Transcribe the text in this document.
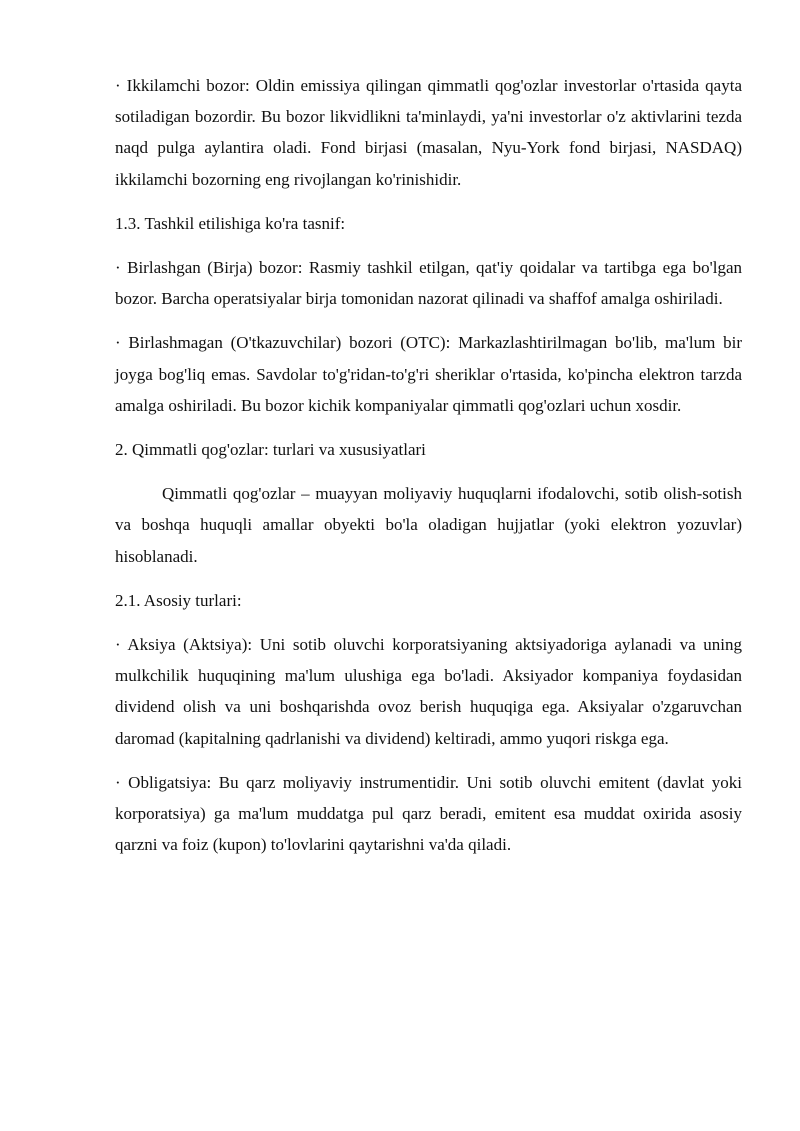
· Ikkilamchi bozor: Oldin emissiya qilingan qimmatli qog'ozlar investorlar o'rtasida qayta sotiladigan bozordir. Bu bozor likvidlikni ta'minlaydi, ya'ni investorlar o'z aktivlarini tezda naqd pulga aylantira oladi. Fond birjasi (masalan, Nyu-York fond birjasi, NASDAQ) ikkilamchi bozorning eng rivojlangan ko'rinishidir.

1.3. Tashkil etilishiga ko'ra tasnif:

· Birlashgan (Birja) bozor: Rasmiy tashkil etilgan, qat'iy qoidalar va tartibga ega bo'lgan bozor. Barcha operatsiyalar birja tomonidan nazorat qilinadi va shaffof amalga oshiriladi.

· Birlashmagan (O'tkazuvchilar) bozori (OTC): Markazlashtirilmagan bo'lib, ma'lum bir joyga bog'liq emas. Savdolar to'g'ridan-to'g'ri sheriklar o'rtasida, ko'pincha elektron tarzda amalga oshiriladi. Bu bozor kichik kompaniyalar qimmatli qog'ozlari uchun xosdir.

2. Qimmatli qog'ozlar: turlari va xususiyatlari

Qimmatli qog'ozlar – muayyan moliyaviy huquqlarni ifodalovchi, sotib olish-sotish va boshqa huquqli amallar obyekti bo'la oladigan hujjatlar (yoki elektron yozuvlar) hisoblanadi.

2.1. Asosiy turlari:

· Aksiya (Aktsiya): Uni sotib oluvchi korporatsiyaning aktsiyadoriga aylanadi va uning mulkchilik huquqining ma'lum ulushiga ega bo'ladi. Aksiyador kompaniya foydasidan dividend olish va uni boshqarishda ovoz berish huquqiga ega. Aksiyalar o'zgaruvchan daromad (kapitalning qadrlanishi va dividend) keltiradi, ammo yuqori riskga ega.

· Obligatsiya: Bu qarz moliyaviy instrumentidir. Uni sotib oluvchi emitent (davlat yoki korporatsiya) ga ma'lum muddatga pul qarz beradi, emitent esa muddat oxirida asosiy qarzni va foiz (kupon) to'lovlarini qaytarishni va'da qiladi.
